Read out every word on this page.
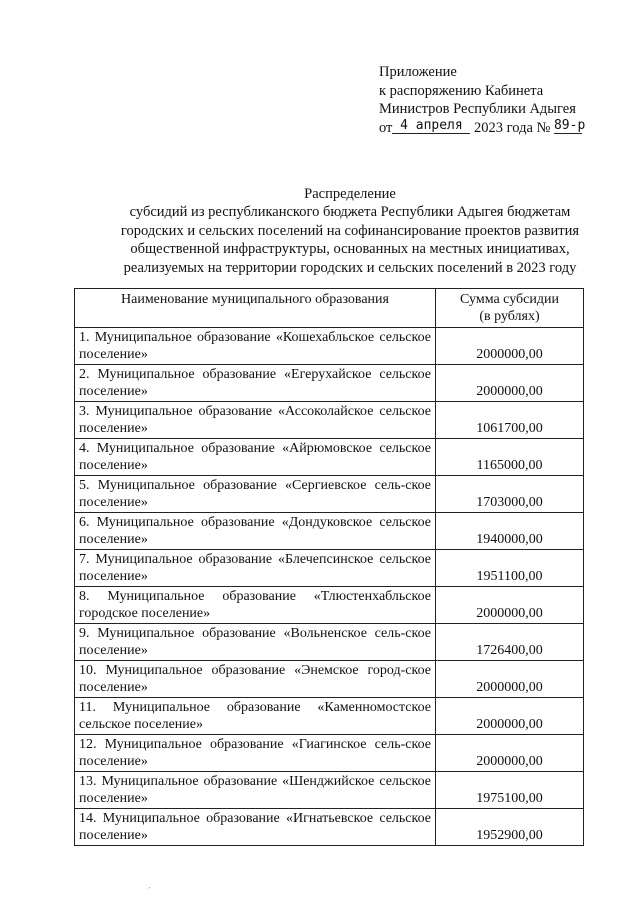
Приложение
к распоряжению Кабинета
Министров Республики Адыгея
от 4 апреля
2023 года №
89-р
Распределение
субсидий из республиканского бюджета Республики Адыгея бюджетам
городских и сельских поселений на софинансирование проектов развития
общественной инфраструктуры, основанных на местных инициативах,
реализуемых на территории городских и сельских поселений в 2023 году
Наименование муниципального образования	Сумма субсидии
(в рублях)

1. Муниципальное образование «Кошехабльское сельское поселение»	2000000,00
2. Муниципальное образование «Егерухайское сельское поселение»	2000000,00
3. Муниципальное образование «Ассоколайское сельское поселение»	1061700,00
4. Муниципальное образование «Айрюмовское сельское поселение»	1165000,00
5. Муниципальное образование «Сергиевское сель-ское поселение»	1703000,00
6. Муниципальное образование «Дондуковское сельское поселение»	1940000,00
7. Муниципальное образование «Блечепсинское сельское поселение»	1951100,00
8. Муниципальное образование «Тлюстенхабльское городское поселение»	2000000,00
9. Муниципальное образование «Вольненское сель-ское поселение»	1726400,00
10. Муниципальное образование «Энемское город-ское поселение»	2000000,00
11. Муниципальное образование «Каменномостское сельское поселение»	2000000,00
12. Муниципальное образование «Гиагинское сель-ское поселение»	2000000,00
13. Муниципальное образование «Шенджийское сельское поселение»	1975100,00
14. Муниципальное образование «Игнатьевское сельское поселение»	1952900,00
´
